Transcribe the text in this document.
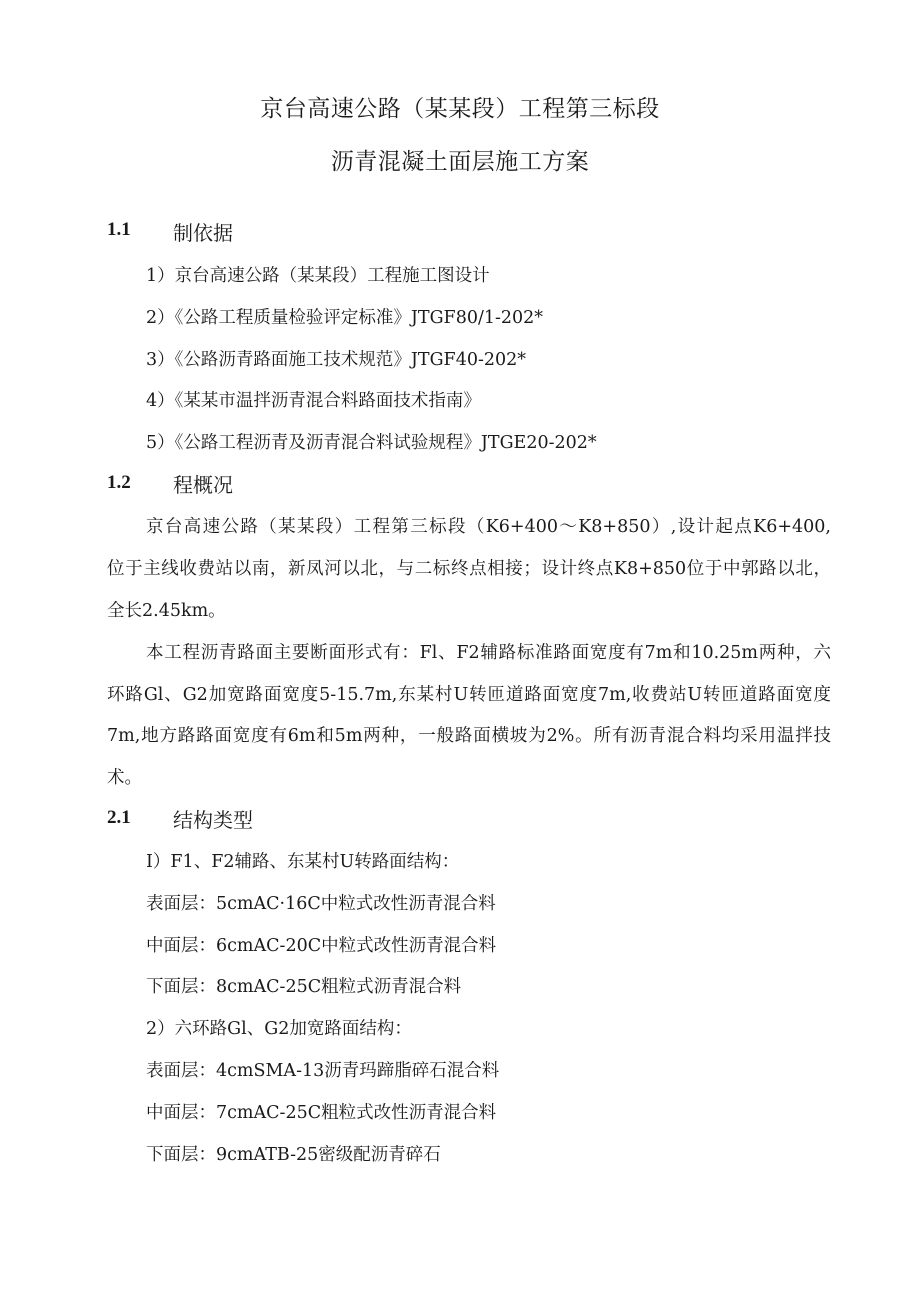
京台高速公路（某某段）工程第三标段
沥青混凝土面层施工方案
1.1 制依据
1）京台高速公路（某某段）工程施工图设计
2）《公路工程质量检验评定标准》JTGF80/1-202*
3）《公路沥青路面施工技术规范》JTGF40-202*
4）《某某市温拌沥青混合料路面技术指南》
5）《公路工程沥青及沥青混合料试验规程》JTGE20-202*
1.2 程概况
京台高速公路（某某段）工程第三标段（K6+400〜K8+850）,设计起点K6+400,
位于主线收费站以南，新凤河以北，与二标终点相接；设计终点K8+850位于中郭路以北，
全长2.45km。
本工程沥青路面主要断面形式有：Fl、F2辅路标准路面宽度有7m和10.25m两种，六
环路Gl、G2加宽路面宽度5-15.7m,东某村U转匝道路面宽度7m,收费站U转匝道路面宽度
7m,地方路路面宽度有6m和5m两种，一般路面横坡为2%。所有沥青混合料均采用温拌技
术。
2.1 结构类型
I）F1、F2辅路、东某村U转路面结构：
表面层：5cmAC·16C中粒式改性沥青混合料
中面层：6cmAC-20C中粒式改性沥青混合料
下面层：8cmAC-25C粗粒式沥青混合料
2）六环路Gl、G2加宽路面结构：
表面层：4cmSMA-13沥青玛蹄脂碎石混合料
中面层：7cmAC-25C粗粒式改性沥青混合料
下面层：9cmATB-25密级配沥青碎石
